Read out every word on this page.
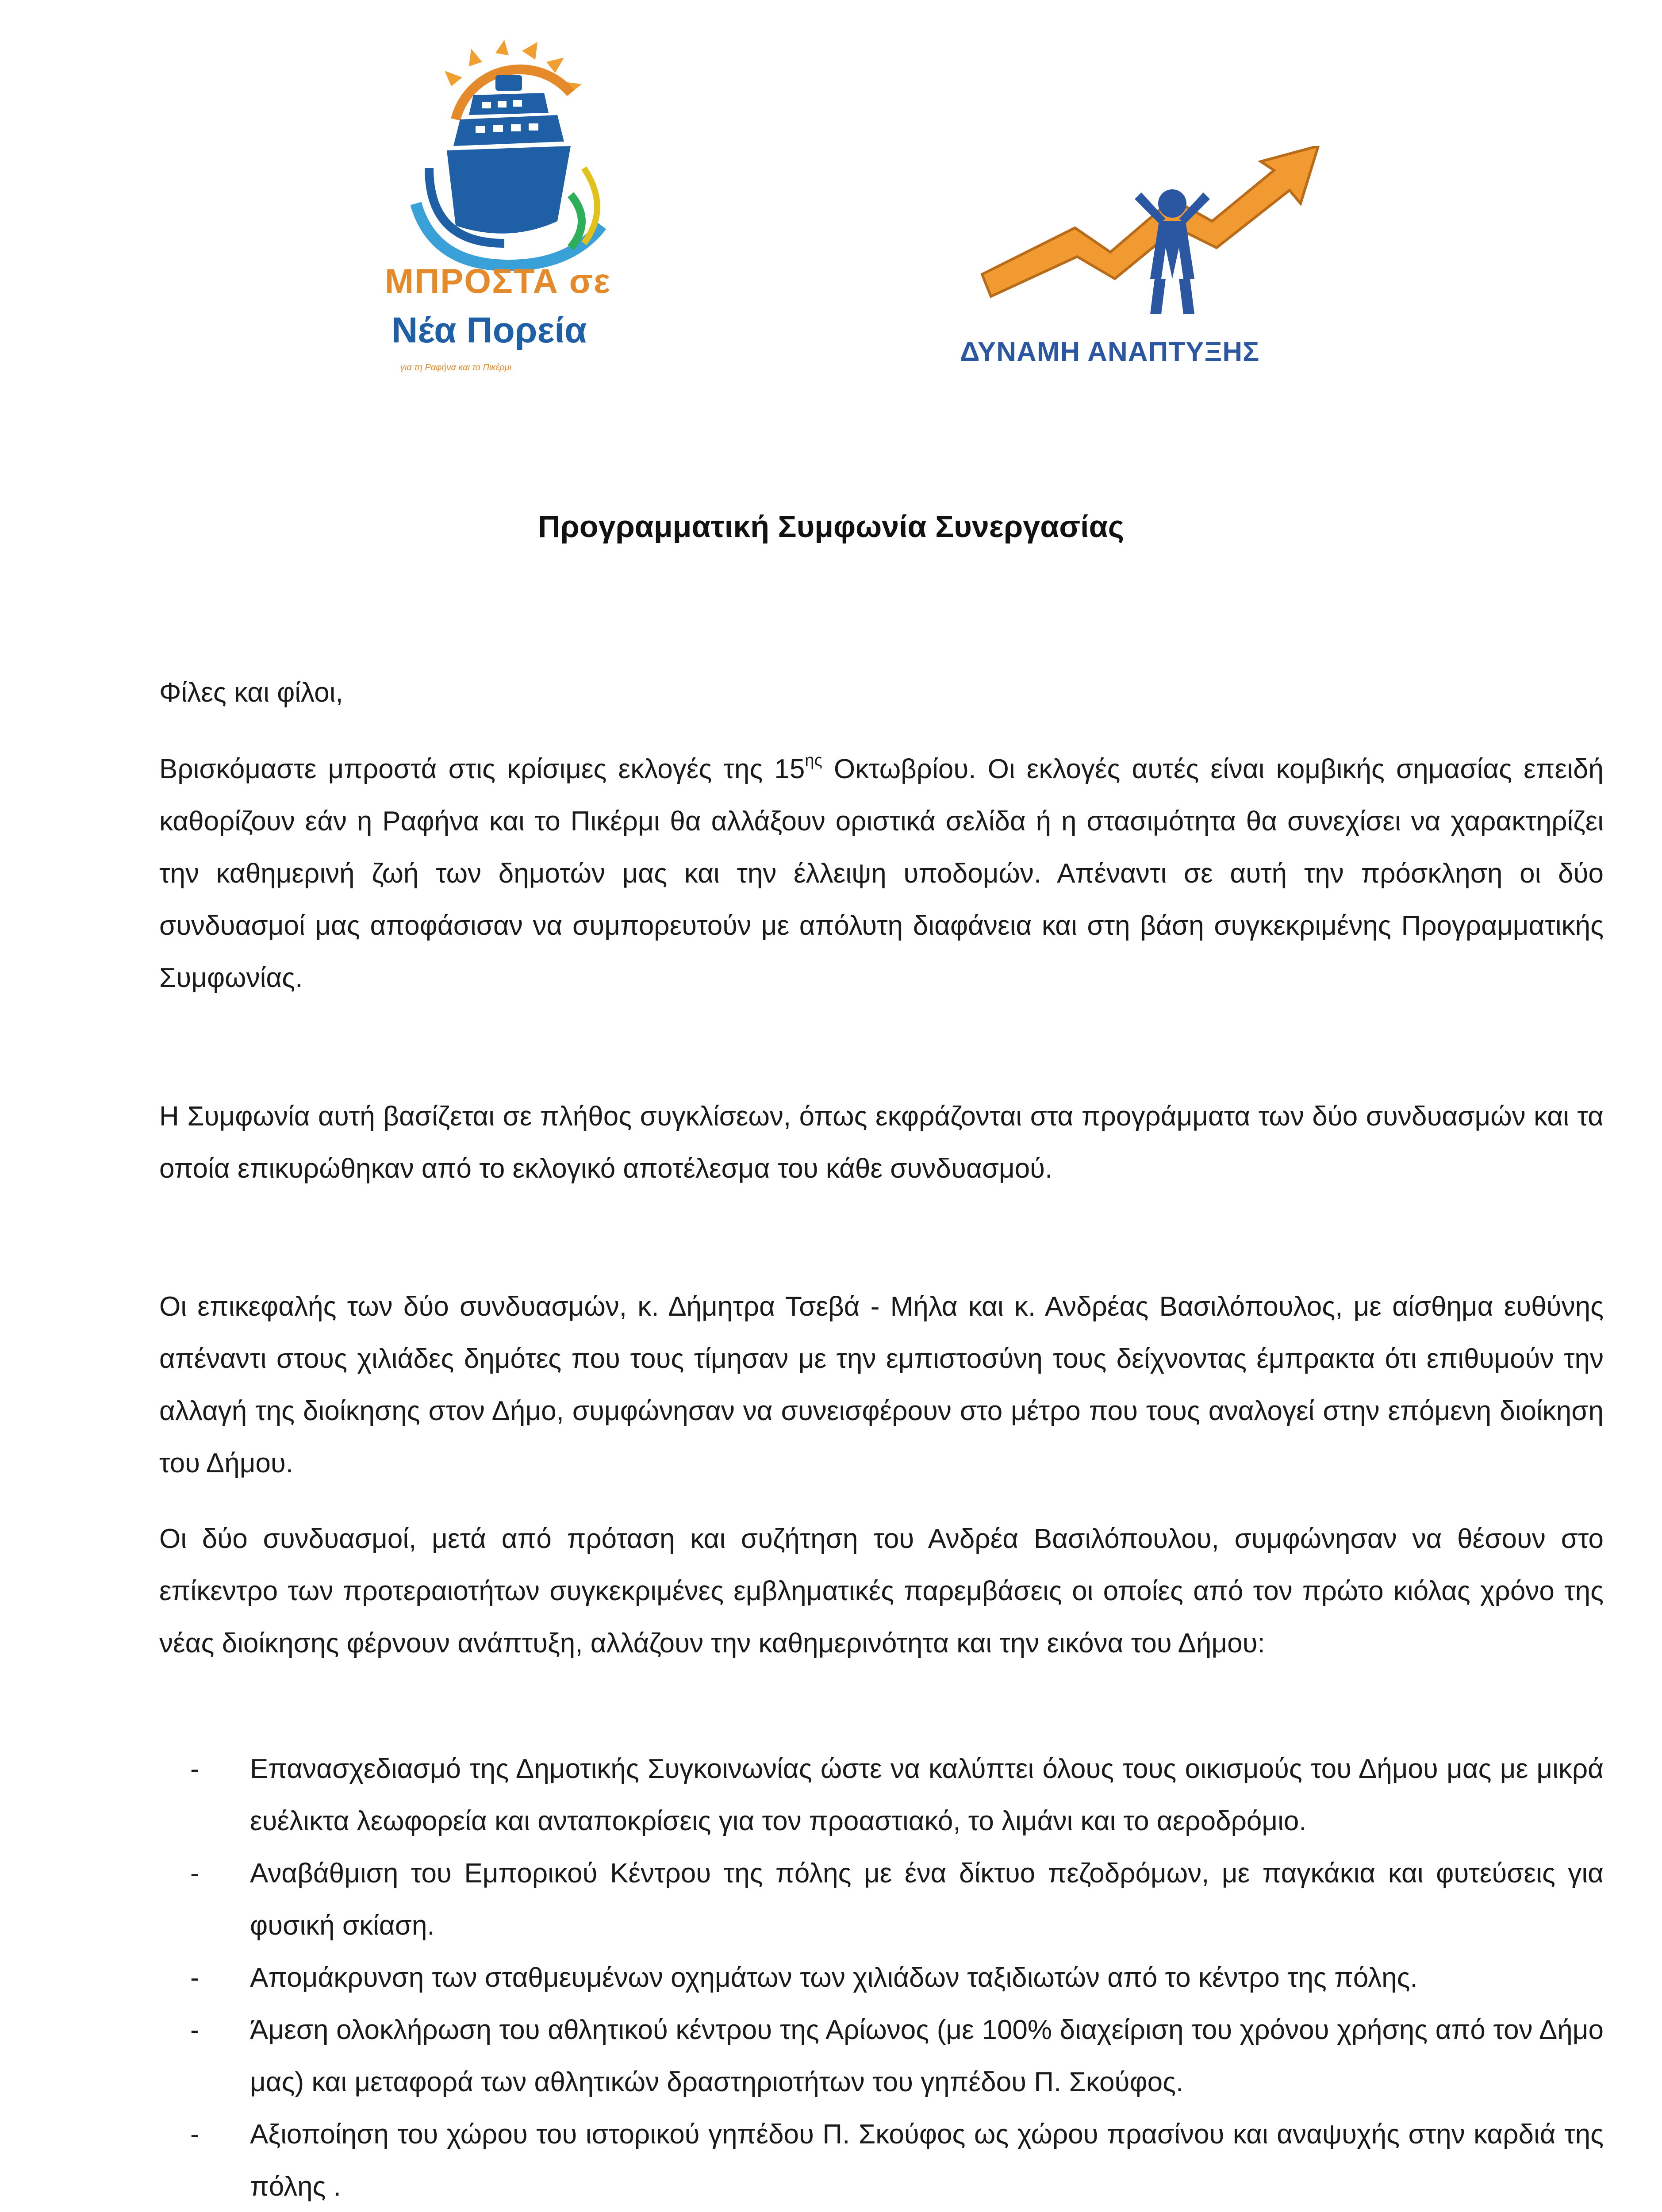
ΜΠΡΟΣΤΑ σε
Νέα Πορεία
για τη Ραφήνα και το Πικέρμι
ΔΥΝΑΜΗ ΑΝΑΠΤΥΞΗΣ
Προγραμματική Συμφωνία Συνεργασίας
Φίλες και φίλοι,
Βρισκόμαστε μπροστά στις κρίσιμες εκλογές της $15^{\eta\varsigma}$ Οκτωβρίου. Οι εκλογές αυτές είναι κομβικής σημασίας επειδή καθορίζουν εάν η Ραφήνα και το Πικέρμι θα αλλάξουν οριστικά σελίδα ή η στασιμότητα θα συνεχίσει να χαρακτηρίζει την καθημερινή ζωή των δημοτών μας και την έλλειψη υποδομών. Απέναντι σε αυτή την πρόσκληση οι δύο συνδυασμοί μας αποφάσισαν να συμπορευτούν με απόλυτη διαφάνεια και στη βάση συγκεκριμένης Προγραμματικής Συμφωνίας.
Η Συμφωνία αυτή βασίζεται σε πλήθος συγκλίσεων, όπως εκφράζονται στα προγράμματα των δύο συνδυασμών και τα οποία επικυρώθηκαν από το εκλογικό αποτέλεσμα του κάθε συνδυασμού.
Οι επικεφαλής των δύο συνδυασμών, κ. Δήμητρα Τσεβά - Μήλα και κ. Ανδρέας Βασιλόπουλος, με αίσθημα ευθύνης απέναντι στους χιλιάδες δημότες που τους τίμησαν με την εμπιστοσύνη τους δείχνοντας έμπρακτα ότι επιθυμούν την αλλαγή της διοίκησης στον Δήμο, συμφώνησαν να συνεισφέρουν στο μέτρο που τους αναλογεί στην επόμενη διοίκηση του Δήμου.
Οι δύο συνδυασμοί, μετά από πρόταση και συζήτηση του Ανδρέα Βασιλόπουλου, συμφώνησαν να θέσουν στο επίκεντρο των προτεραιοτήτων συγκεκριμένες εμβληματικές παρεμβάσεις οι οποίες από τον πρώτο κιόλας χρόνο της νέας διοίκησης φέρνουν ανάπτυξη, αλλάζουν την καθημερινότητα και την εικόνα του Δήμου:
- Επανασχεδιασμό της Δημοτικής Συγκοινωνίας ώστε να καλύπτει όλους τους οικισμούς του Δήμου μας με μικρά ευέλικτα λεωφορεία και ανταποκρίσεις για τον προαστιακό, το λιμάνι και το αεροδρόμιο.
- Αναβάθμιση του Εμπορικού Κέντρου της πόλης με ένα δίκτυο πεζοδρόμων, με παγκάκια και φυτεύσεις για φυσική σκίαση.
- Απομάκρυνση των σταθμευμένων οχημάτων των χιλιάδων ταξιδιωτών από το κέντρο της πόλης.
- Άμεση ολοκλήρωση του αθλητικού κέντρου της Αρίωνος (με 100% διαχείριση του χρόνου χρήσης από τον Δήμο μας) και μεταφορά των αθλητικών δραστηριοτήτων του γηπέδου Π. Σκούφος.
- Αξιοποίηση του χώρου του ιστορικού γηπέδου Π. Σκούφος ως χώρου πρασίνου και αναψυχής στην καρδιά της πόλης .
